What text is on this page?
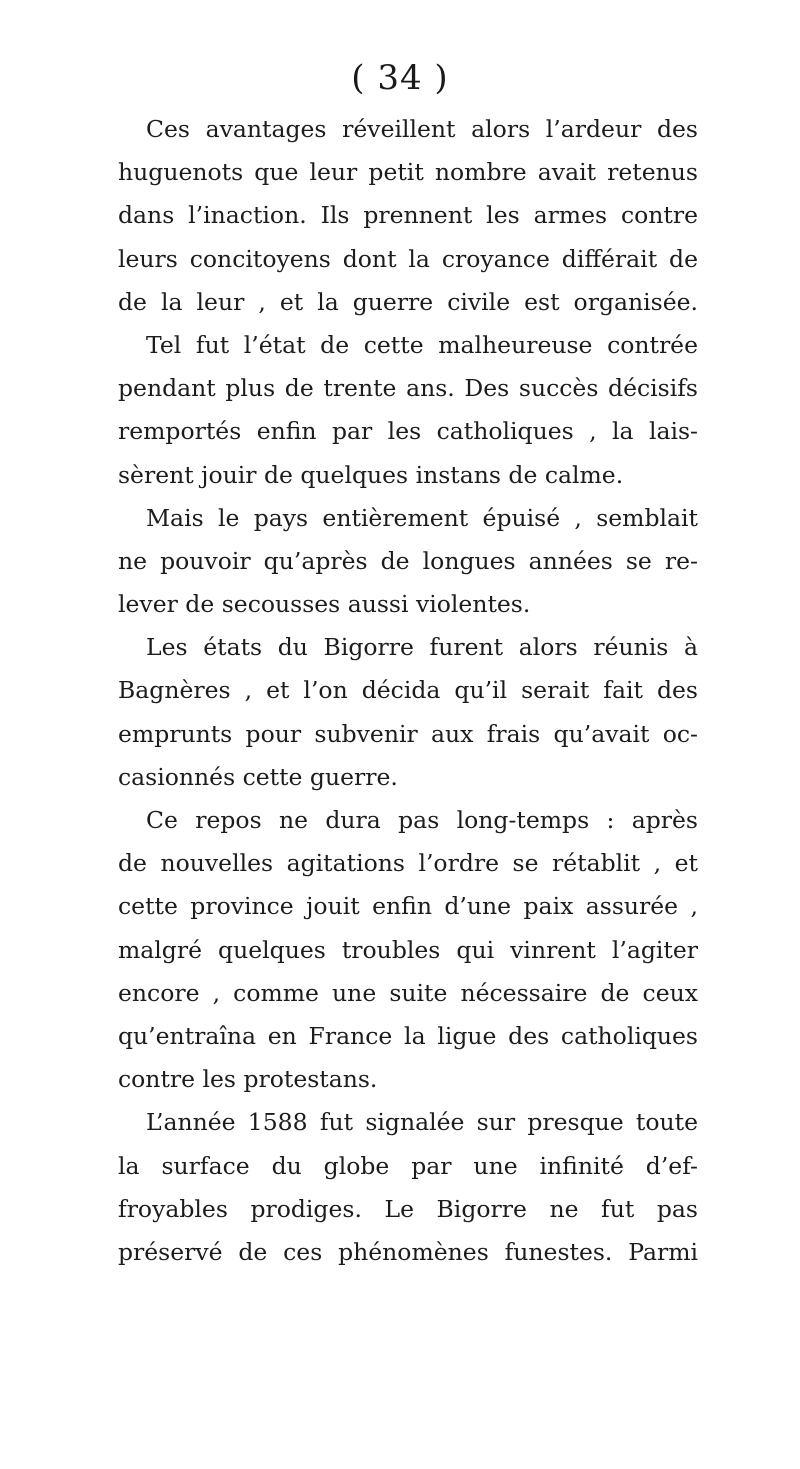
( 34 )
Ces avantages réveillent alors l’ardeur des
huguenots que leur petit nombre avait retenus
dans l’inaction. Ils prennent les armes contre
leurs concitoyens dont la croyance différait de
de la leur , et la guerre civile est organisée.
Tel fut l’état de cette malheureuse contrée
pendant plus de trente ans. Des succès décisifs
remportés enfin par les catholiques , la lais-
sèrent jouir de quelques instans de calme.
Mais le pays entièrement épuisé , semblait
ne pouvoir qu’après de longues années se re-
lever de secousses aussi violentes.
Les états du Bigorre furent alors réunis à
Bagnères , et l’on décida qu’il serait fait des
emprunts pour subvenir aux frais qu’avait oc-
casionnés cette guerre.
Ce repos ne dura pas long-temps : après
de nouvelles agitations l’ordre se rétablit , et
cette province jouit enfin d’une paix assurée ,
malgré quelques troubles qui vinrent l’agiter
encore , comme une suite nécessaire de ceux
qu’entraîna en France la ligue des catholiques
contre les protestans.
L’année 1588 fut signalée sur presque toute
la surface du globe par une infinité d’ef-
froyables prodiges. Le Bigorre ne fut pas
préservé de ces phénomènes funestes. Parmi
